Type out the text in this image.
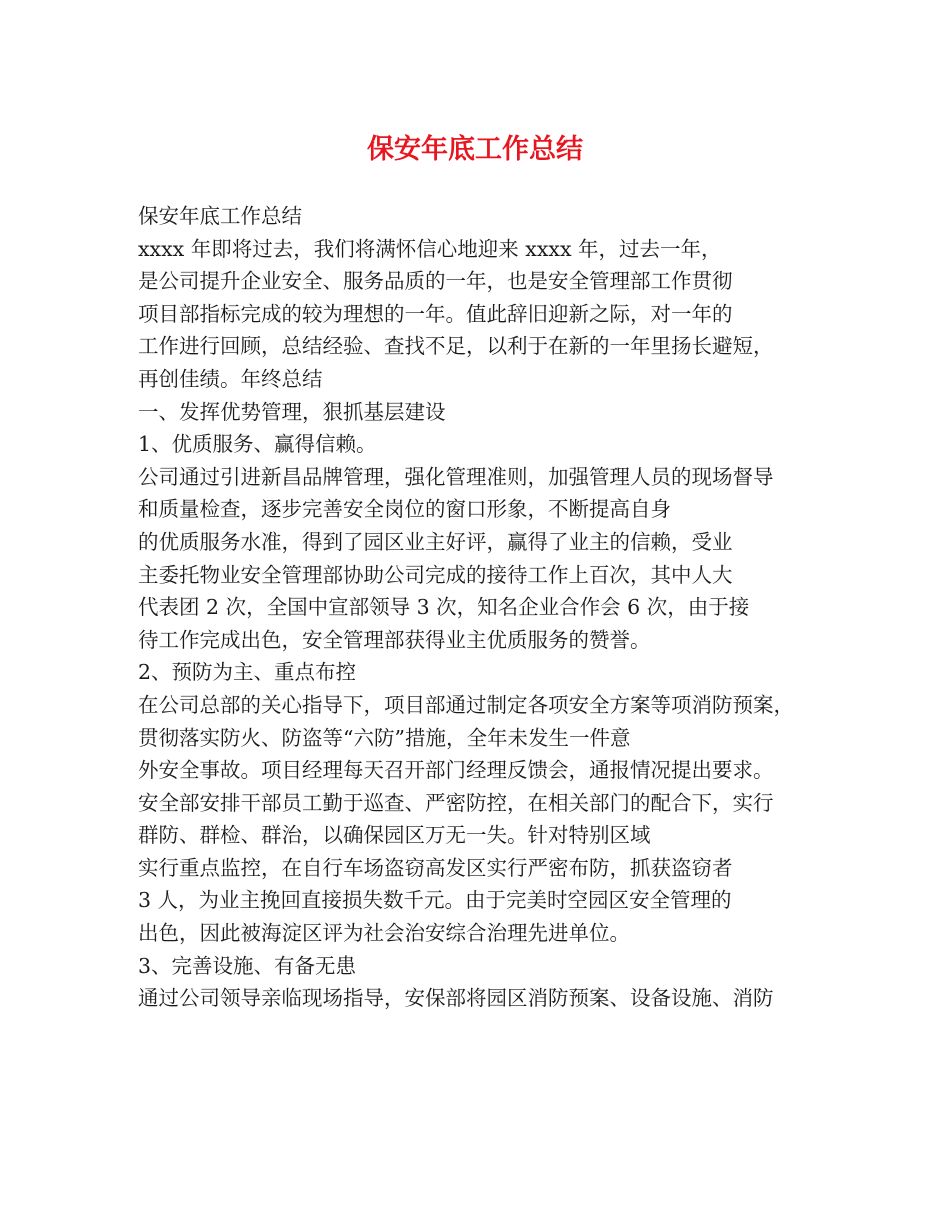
保安年底工作总结
保安年底工作总结
xxxx 年即将过去，我们将满怀信心地迎来 xxxx 年，过去一年，
是公司提升企业安全、服务品质的一年，也是安全管理部工作贯彻
项目部指标完成的较为理想的一年。值此辞旧迎新之际，对一年的
工作进行回顾，总结经验、查找不足，以利于在新的一年里扬长避短，
再创佳绩。年终总结
一、发挥优势管理，狠抓基层建设
1、优质服务、赢得信赖。
公司通过引进新昌品牌管理，强化管理准则，加强管理人员的现场督导
和质量检查，逐步完善安全岗位的窗口形象，不断提高自身
的优质服务水准，得到了园区业主好评，赢得了业主的信赖，受业
主委托物业安全管理部协助公司完成的接待工作上百次，其中人大
代表团 2 次，全国中宣部领导 3 次，知名企业合作会 6 次，由于接
待工作完成出色，安全管理部获得业主优质服务的赞誉。
2、预防为主、重点布控
在公司总部的关心指导下，项目部通过制定各项安全方案等项消防预案，
贯彻落实防火、防盗等“六防”措施，全年未发生一件意
外安全事故。项目经理每天召开部门经理反馈会，通报情况提出要求。
安全部安排干部员工勤于巡查、严密防控，在相关部门的配合下，实行
群防、群检、群治，以确保园区万无一失。针对特别区域
实行重点监控，在自行车场盗窃高发区实行严密布防，抓获盗窃者
3 人，为业主挽回直接损失数千元。由于完美时空园区安全管理的
出色，因此被海淀区评为社会治安综合治理先进单位。
3、完善设施、有备无患
通过公司领导亲临现场指导，安保部将园区消防预案、设备设施、消防
